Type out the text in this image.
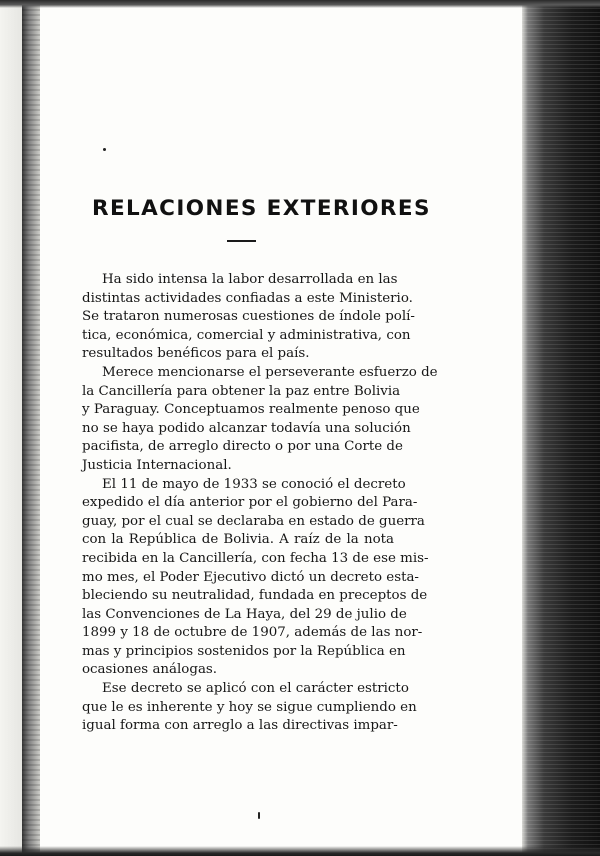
RELACIONES EXTERIORES
Ha sido intensa la labor desarrollada en las
distintas actividades confiadas a este Ministerio.
Se trataron numerosas cuestiones de índole polí-
tica, económica, comercial y administrativa, con
resultados benéficos para el país.
Merece mencionarse el perseverante esfuerzo de
la Cancillería para obtener la paz entre Bolivia
y Paraguay. Conceptuamos realmente penoso que
no se haya podido alcanzar todavía una solución
pacifista, de arreglo directo o por una Corte de
Justicia Internacional.
El 11 de mayo de 1933 se conoció el decreto
expedido el día anterior por el gobierno del Para-
guay, por el cual se declaraba en estado de guerra
con la República de Bolivia. A raíz de la nota
recibida en la Cancillería, con fecha 13 de ese mis-
mo mes, el Poder Ejecutivo dictó un decreto esta-
bleciendo su neutralidad, fundada en preceptos de
las Convenciones de La Haya, del 29 de julio de
1899 y 18 de octubre de 1907, además de las nor-
mas y principios sostenidos por la República en
ocasiones análogas.
Ese decreto se aplicó con el carácter estricto
que le es inherente y hoy se sigue cumpliendo en
igual forma con arreglo a las directivas impar-
